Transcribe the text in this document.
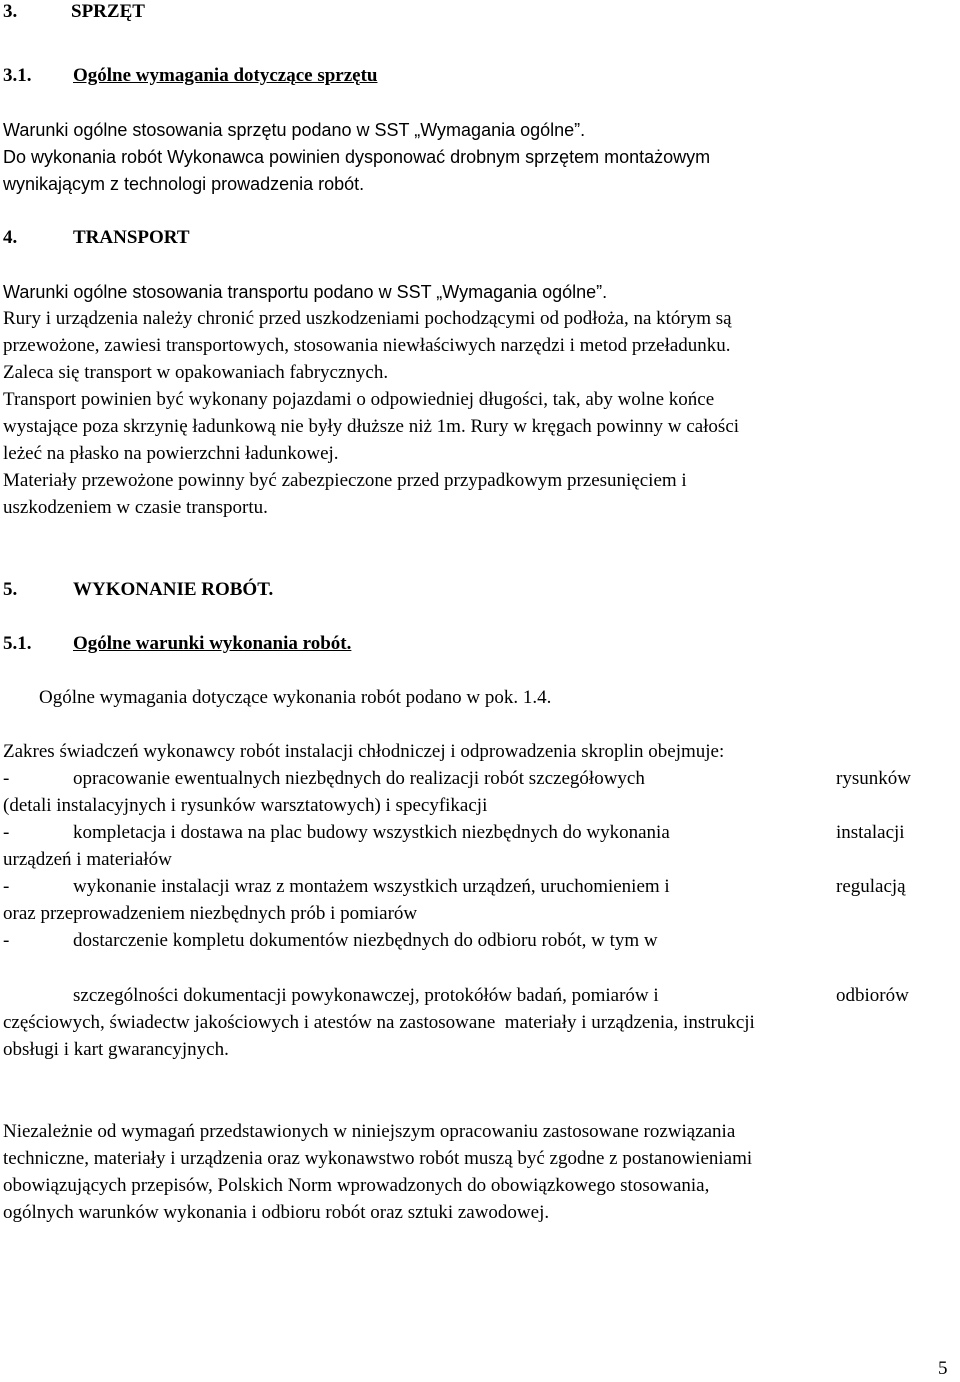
3.	SPRZĘT
3.1. Ogólne wymagania dotyczące sprzętu
Warunki ogólne stosowania sprzętu podano w SST „Wymagania ogólne”.
Do wykonania robót Wykonawca powinien dysponować drobnym sprzętem montażowym
wynikającym z technologi prowadzenia robót.
4.	TRANSPORT
Warunki ogólne stosowania transportu podano w SST „Wymagania ogólne”.
Rury i urządzenia należy chronić przed uszkodzeniami pochodzącymi od podłoża, na którym są
przewożone, zawiesi transportowych, stosowania niewłaściwych narzędzi i metod przeładunku.
Zaleca się transport w opakowaniach fabrycznych.
Transport powinien być wykonany pojazdami o odpowiedniej długości, tak, aby wolne końce
wystające poza skrzynię ładunkową nie były dłuższe niż 1m. Rury w kręgach powinny w całości
leżeć na płasko na powierzchni ładunkowej.
Materiały przewożone powinny być zabezpieczone przed przypadkowym przesunięciem i
uszkodzeniem w czasie transportu.
5.	WYKONANIE ROBÓT.
5.1. Ogólne warunki wykonania robót.
Ogólne wymagania dotyczące wykonania robót podano w pok. 1.4.
Zakres świadczeń wykonawcy robót instalacji chłodniczej i odprowadzenia skroplin obejmuje:
-	opracowanie ewentualnych niezbędnych do realizacji robót szczegółowych	rysunków
(detali instalacyjnych i rysunków warsztatowych) i specyfikacji
-	kompletacja i dostawa na plac budowy wszystkich niezbędnych do wykonania	instalacji
urządzeń i materiałów
-	wykonanie instalacji wraz z montażem wszystkich urządzeń, uruchomieniem i	regulacją
oraz przeprowadzeniem niezbędnych prób i pomiarów
-	dostarczenie kompletu dokumentów niezbędnych do odbioru robót, w tym w
szczególności dokumentacji powykonawczej, protokółów badań, pomiarów i	odbiorów
częściowych, świadectw jakościowych i atestów na zastosowane  materiały i urządzenia, instrukcji
obsługi i kart gwarancyjnych.
Niezależnie od wymagań przedstawionych w niniejszym opracowaniu zastosowane rozwiązania
techniczne, materiały i urządzenia oraz wykonawstwo robót muszą być zgodne z postanowieniami
obowiązujących przepisów, Polskich Norm wprowadzonych do obowiązkowego stosowania,
ogólnych warunków wykonania i odbioru robót oraz sztuki zawodowej.
5
